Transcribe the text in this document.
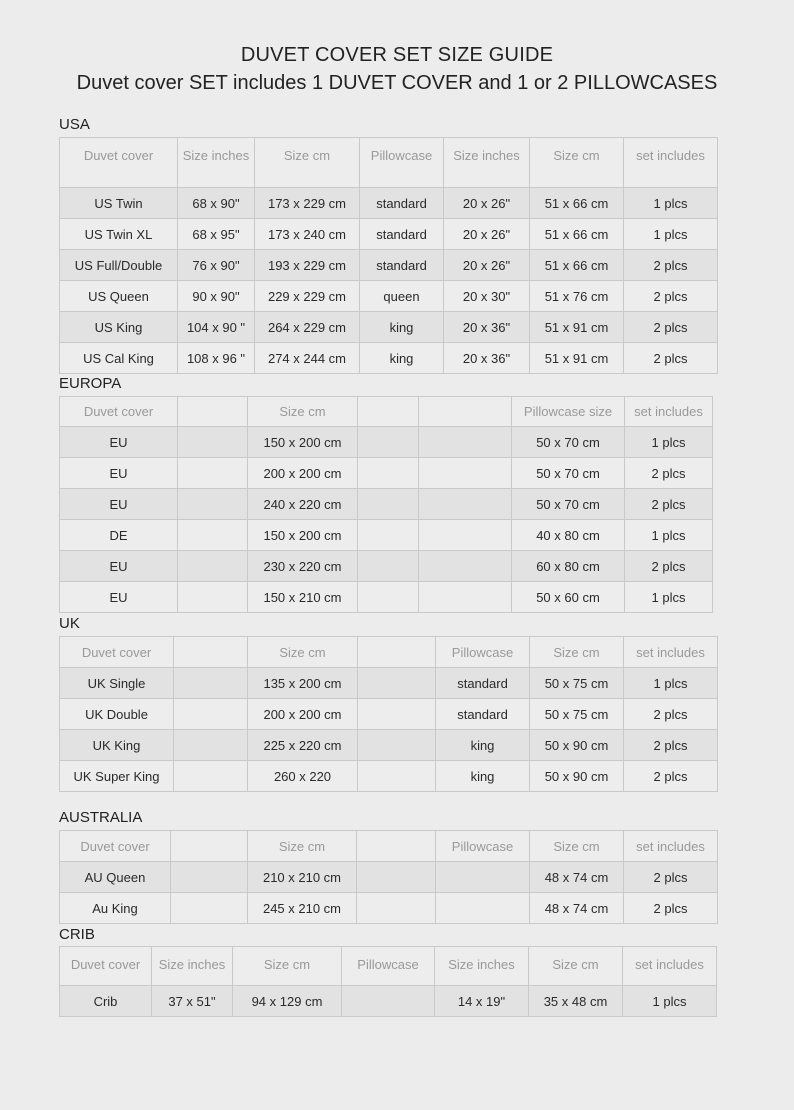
DUVET COVER SET SIZE GUIDE
Duvet cover SET includes 1 DUVET COVER and 1 or 2 PILLOWCASES
USA
Duvet cover	Size inches	Size cm	Pillowcase	Size inches	Size cm	set includes
US Twin	68 x 90"	173 x 229 cm	standard	20 x 26"	51 x 66 cm	1 plcs
US Twin XL	68 x 95"	173 x 240 cm	standard	20 x 26"	51 x 66 cm	1 plcs
US Full/Double	76 x 90"	193 x 229 cm	standard	20 x 26"	51 x 66 cm	2 plcs
US Queen	90 x 90"	229 x 229 cm	queen	20 x 30"	51 x 76 cm	2 plcs
US King	104 x 90 "	264 x 229 cm	king	20 x 36"	51 x 91 cm	2 plcs
US Cal King	108 x 96 "	274 x 244 cm	king	20 x 36"	51 x 91 cm	2 plcs
EUROPA
Duvet cover		Size cm			Pillowcase size	set includes
EU		150 x 200 cm			50 x 70 cm	1 plcs
EU		200 x 200 cm			50 x 70 cm	2 plcs
EU		240 x 220 cm			50 x 70 cm	2 plcs
DE		150 x 200 cm			40 x 80 cm	1 plcs
EU		230 x 220 cm			60 x 80 cm	2 plcs
EU		150 x 210 cm			50 x 60 cm	1 plcs
UK
Duvet cover		Size cm		Pillowcase	Size cm	set includes
UK Single		135 x 200 cm		standard	50 x 75 cm	1 plcs
UK Double		200 x 200 cm		standard	50 x 75 cm	2 plcs
UK King		225 x 220 cm		king	50 x 90 cm	2 plcs
UK Super King		260 x 220		king	50 x 90 cm	2 plcs
AUSTRALIA
Duvet cover		Size cm		Pillowcase	Size cm	set includes
AU Queen		210 x 210 cm			48 x 74 cm	2 plcs
Au King		245 x 210 cm			48 x 74 cm	2 plcs
CRIB
Duvet cover	Size inches	Size cm	Pillowcase	Size inches	Size cm	set includes
Crib	37 x 51"	94 x 129 cm		14 x 19"	35 x 48 cm	1 plcs
